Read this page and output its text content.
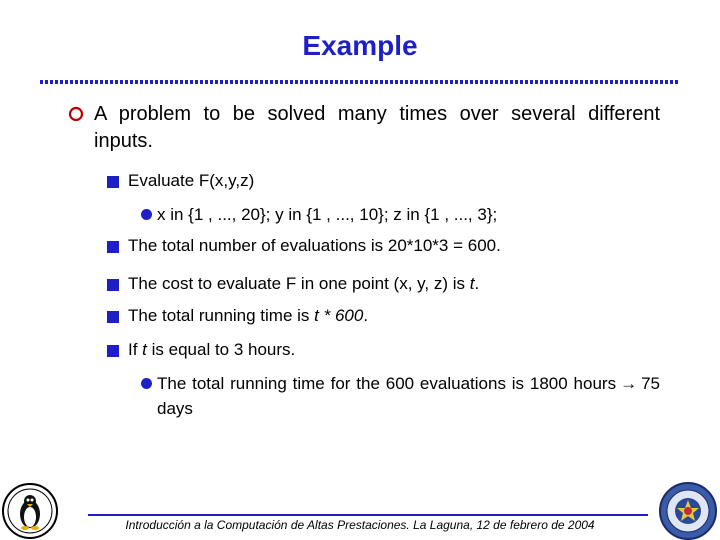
Example
A problem to be solved many times over several different inputs.
Evaluate F(x,y,z)
x in {1 , ..., 20}; y in {1 , ..., 10}; z in {1 , ..., 3};
The total number of evaluations is 20*10*3 = 600.
The cost to evaluate F in one point (x, y, z) is t.
The total running time is t * 600.
If t is equal to 3 hours.
The total running time for the 600 evaluations is 1800 hours → 75 days
Introducción a la Computación de Altas Prestaciones. La Laguna, 12 de febrero de 2004
